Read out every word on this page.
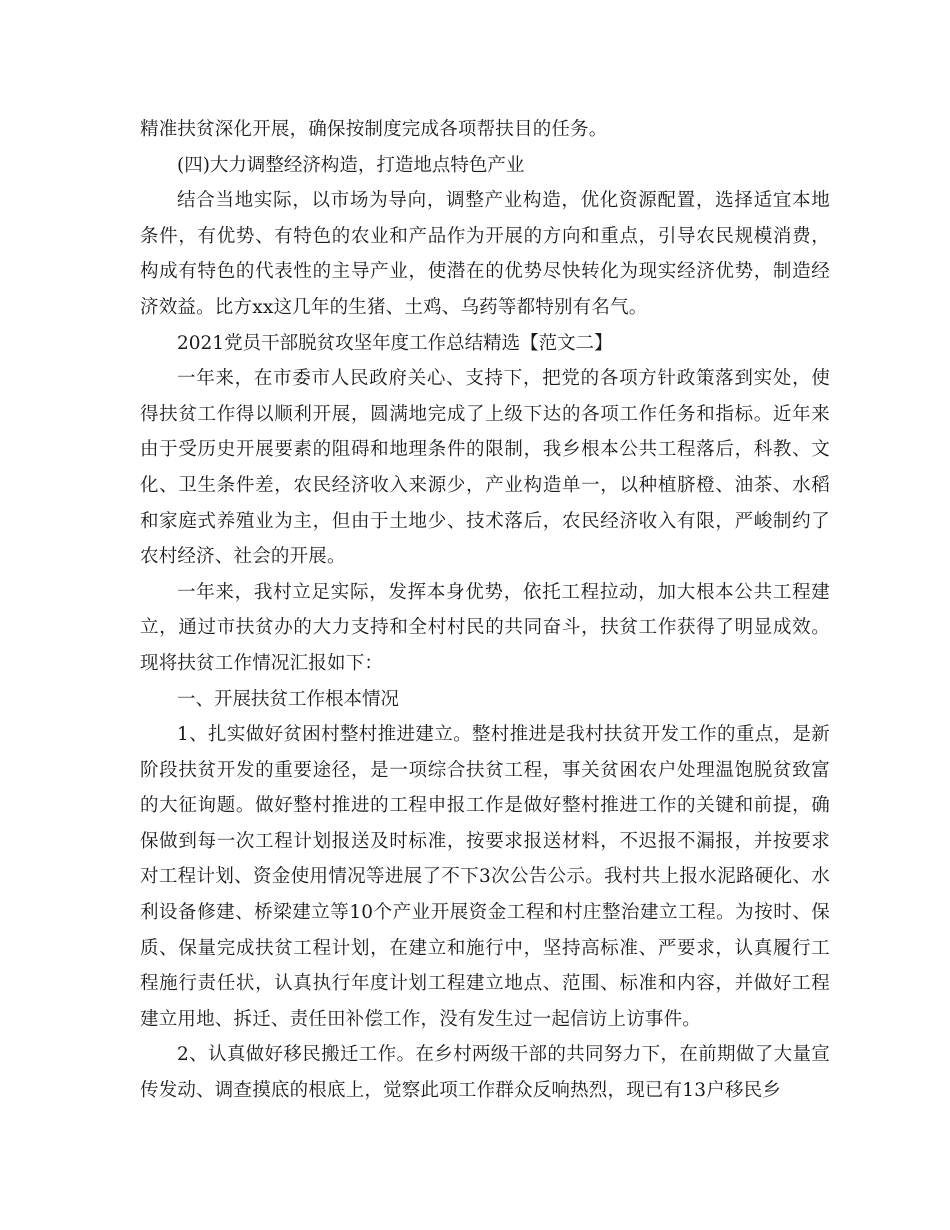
精准扶贫深化开展，确保按制度完成各项帮扶目的任务。

(四)大力调整经济构造，打造地点特色产业

结合当地实际，以市场为导向，调整产业构造，优化资源配置，选择适宜本地条件，有优势、有特色的农业和产品作为开展的方向和重点，引导农民规模消费，构成有特色的代表性的主导产业，使潜在的优势尽快转化为现实经济优势，制造经济效益。比方xx这几年的生猪、土鸡、乌药等都特别有名气。

2021党员干部脱贫攻坚年度工作总结精选【范文二】

一年来，在市委市人民政府关心、支持下，把党的各项方针政策落到实处，使得扶贫工作得以顺利开展，圆满地完成了上级下达的各项工作任务和指标。近年来由于受历史开展要素的阻碍和地理条件的限制，我乡根本公共工程落后，科教、文化、卫生条件差，农民经济收入来源少，产业构造单一，以种植脐橙、油茶、水稻和家庭式养殖业为主，但由于土地少、技术落后，农民经济收入有限，严峻制约了农村经济、社会的开展。

一年来，我村立足实际，发挥本身优势，依托工程拉动，加大根本公共工程建立，通过市扶贫办的大力支持和全村村民的共同奋斗，扶贫工作获得了明显成效。现将扶贫工作情况汇报如下：

一、开展扶贫工作根本情况

1、扎实做好贫困村整村推进建立。整村推进是我村扶贫开发工作的重点，是新阶段扶贫开发的重要途径，是一项综合扶贫工程，事关贫困农户处理温饱脱贫致富的大征询题。做好整村推进的工程申报工作是做好整村推进工作的关键和前提，确保做到每一次工程计划报送及时标准，按要求报送材料，不迟报不漏报，并按要求对工程计划、资金使用情况等进展了不下3次公告公示。我村共上报水泥路硬化、水利设备修建、桥梁建立等10个产业开展资金工程和村庄整治建立工程。为按时、保质、保量完成扶贫工程计划，在建立和施行中，坚持高标准、严要求，认真履行工程施行责任状，认真执行年度计划工程建立地点、范围、标准和内容，并做好工程建立用地、拆迁、责任田补偿工作，没有发生过一起信访上访事件。

2、认真做好移民搬迁工作。在乡村两级干部的共同努力下，在前期做了大量宣传发动、调查摸底的根底上，觉察此项工作群众反响热烈，现已有13户移民乡
